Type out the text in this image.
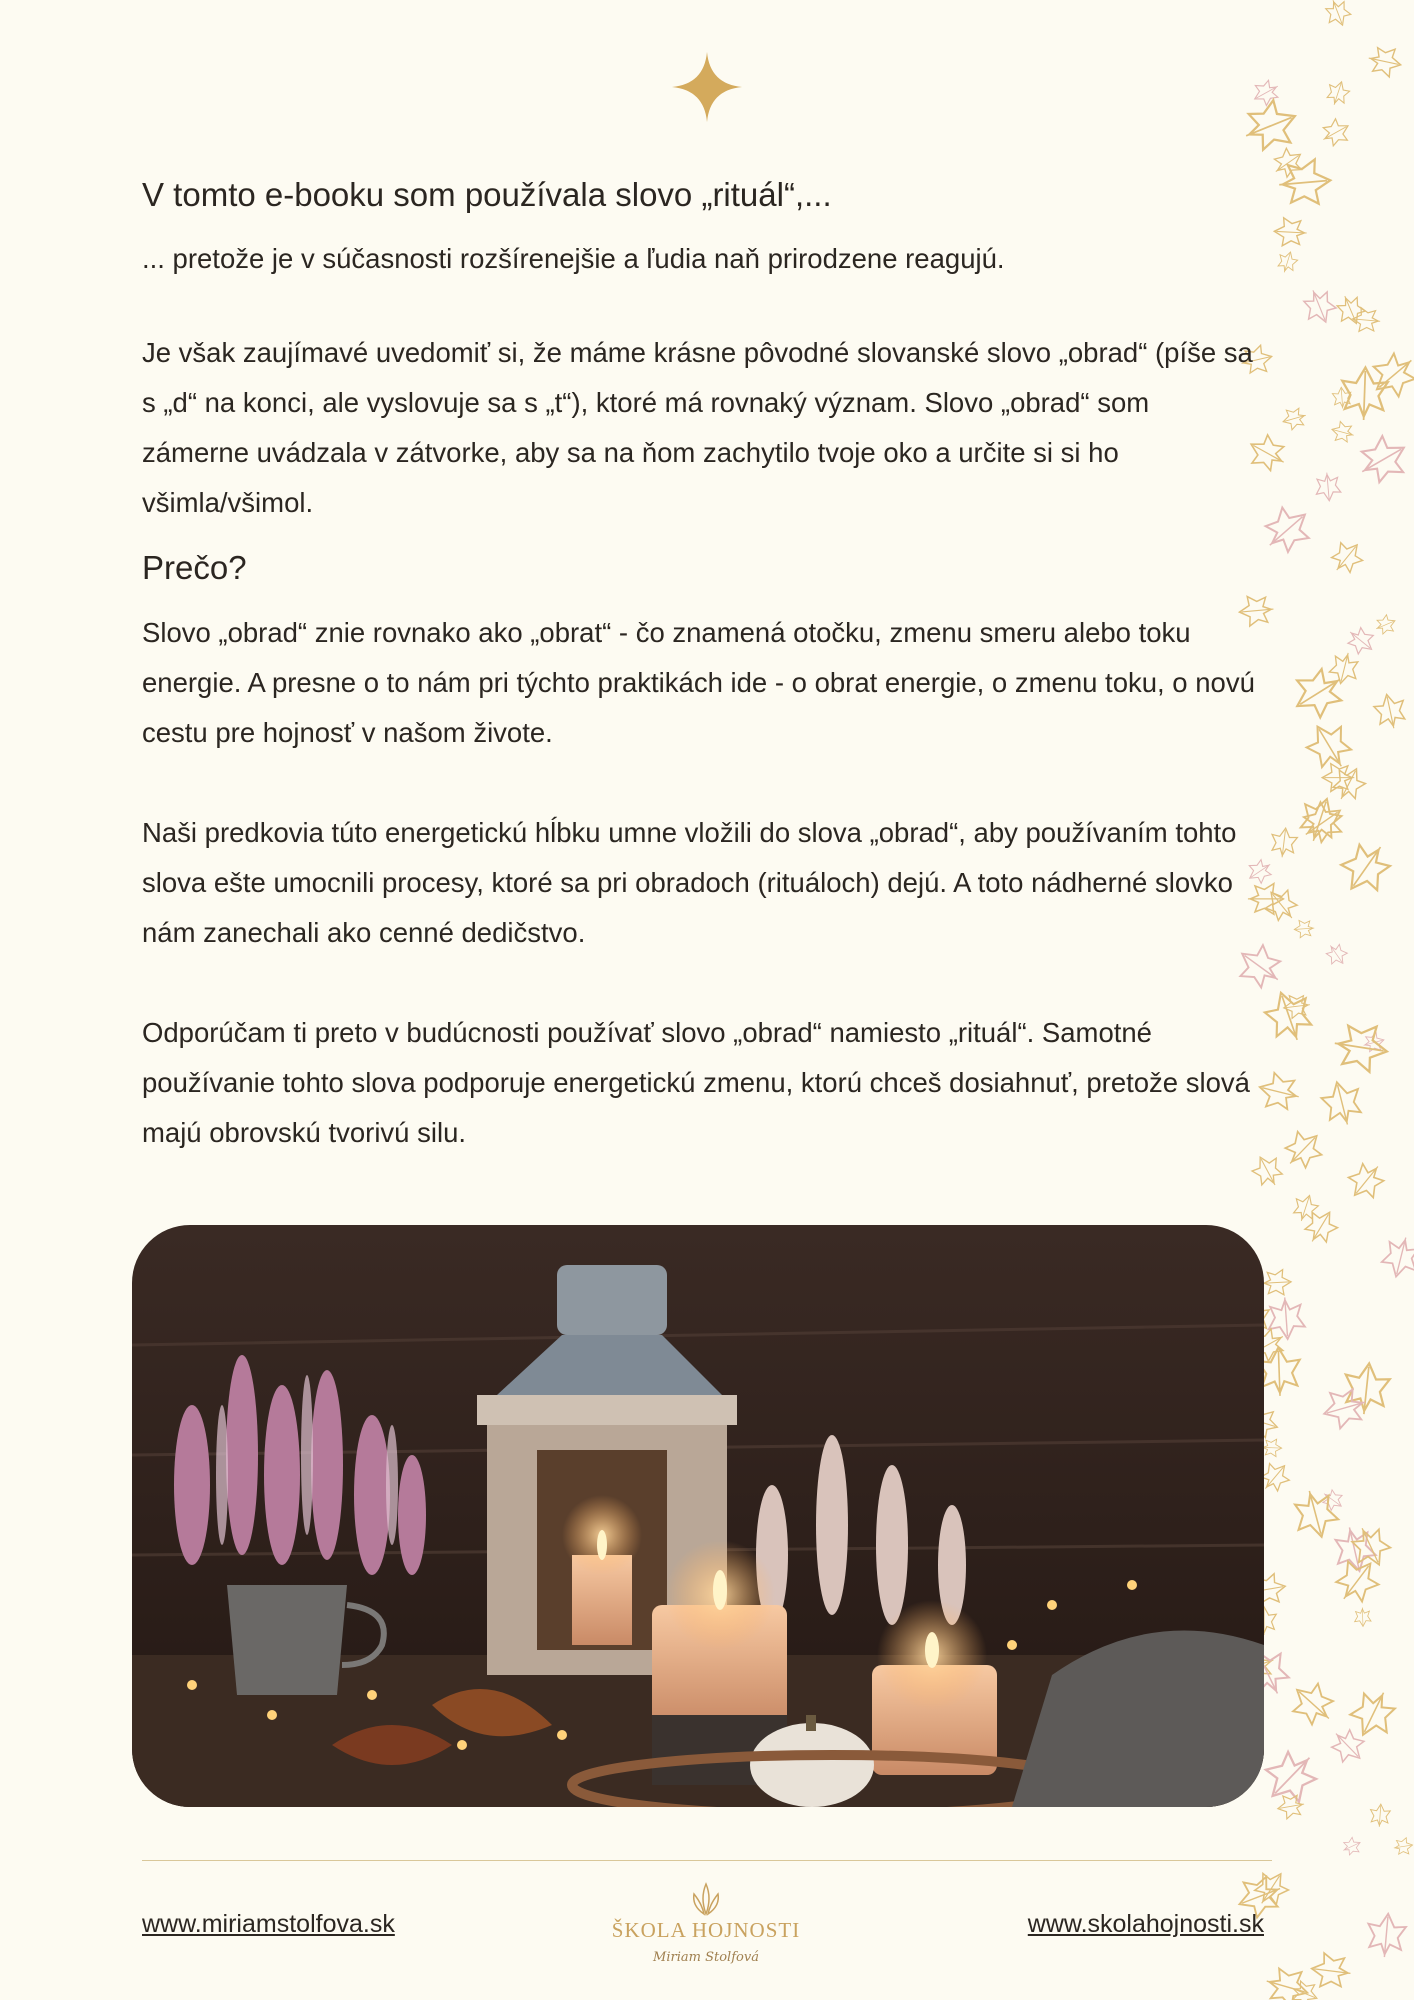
V tomto e-booku som používala slovo „rituál“,...

... pretože je v súčasnosti rozšírenejšie a ľudia naň prirodzene reagujú.

Je však zaujímavé uvedomiť si, že máme krásne pôvodné slovanské slovo „obrad“ (píše sa s „d“ na konci, ale vyslovuje sa s „t“), ktoré má rovnaký význam. Slovo „obrad“ som zámerne uvádzala v zátvorke, aby sa na ňom zachytilo tvoje oko a určite si si ho všimla/všimol.

Prečo?

Slovo „obrad“ znie rovnako ako „obrat“ - čo znamená otočku, zmenu smeru alebo toku energie. A presne o to nám pri týchto praktikách ide - o obrat energie, o zmenu toku, o novú cestu pre hojnosť v našom živote.

Naši predkovia túto energetickú hĺbku umne vložili do slova „obrad“, aby používaním tohto slova ešte umocnili procesy, ktoré sa pri obradoch (rituáloch) dejú. A toto nádherné slovko nám zanechali ako cenné dedičstvo.

Odporúčam ti preto v budúcnosti používať slovo „obrad“ namiesto „rituál“. Samotné používanie tohto slova podporuje energetickú zmenu, ktorú chceš dosiahnuť, pretože slová majú obrovskú tvorivú silu.

www.miriamstolfova.sk	ŠKOLA HOJNOSTI
Miriam Stolfová
www.skolahojnosti.sk
